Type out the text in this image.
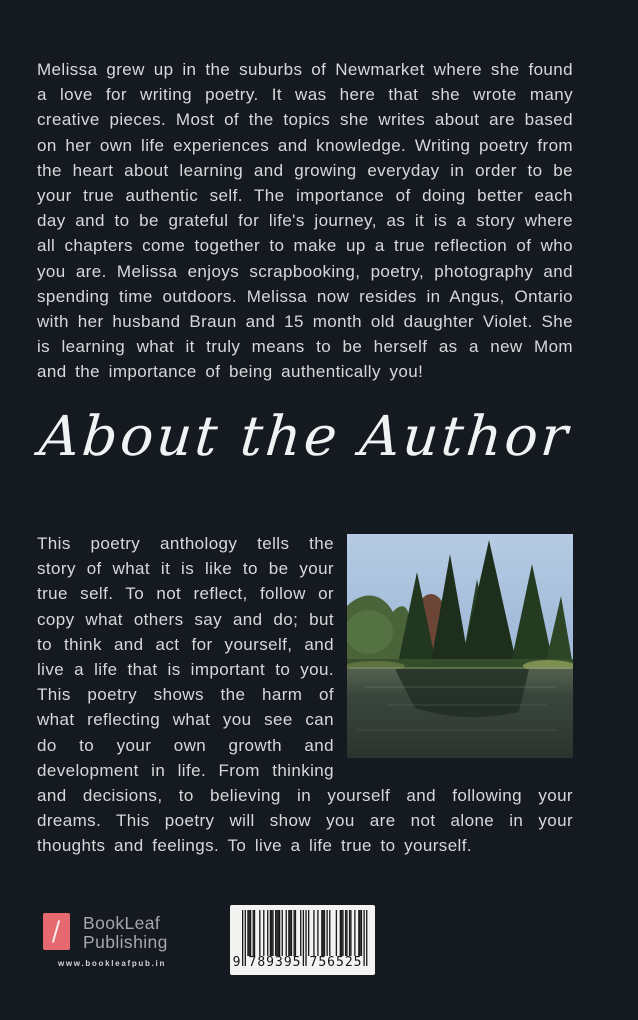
Melissa grew up in the suburbs of Newmarket where she found a love for writing poetry. It was here that she wrote many creative pieces. Most of the topics she writes about are based on her own life experiences and knowledge. Writing poetry from the heart about learning and growing everyday in order to be your true authentic self. The importance of doing better each day and to be grateful for life's journey, as it is a story where all chapters come together to make up a true reflection of who you are. Melissa enjoys scrapbooking, poetry, photography and spending time outdoors. Melissa now resides in Angus, Ontario with her husband Braun and 15 month old daughter Violet. She is learning what it truly means to be herself as a new Mom and the importance of being authentically you!

About the Author
This poetry anthology tells the story of what it is like to be your true self. To not reflect, follow or copy what others say and do; but to think and act for yourself, and live a life that is important to you. This poetry shows the harm of what reflecting what you see can do to your own growth and development in life. From thinking and decisions, to believing in yourself and following your dreams. This poetry will show you are not alone in your thoughts and feelings. To live a life true to yourself.
BookLeaf
Publishing
www.bookleafpub.in	9 789395 756525
